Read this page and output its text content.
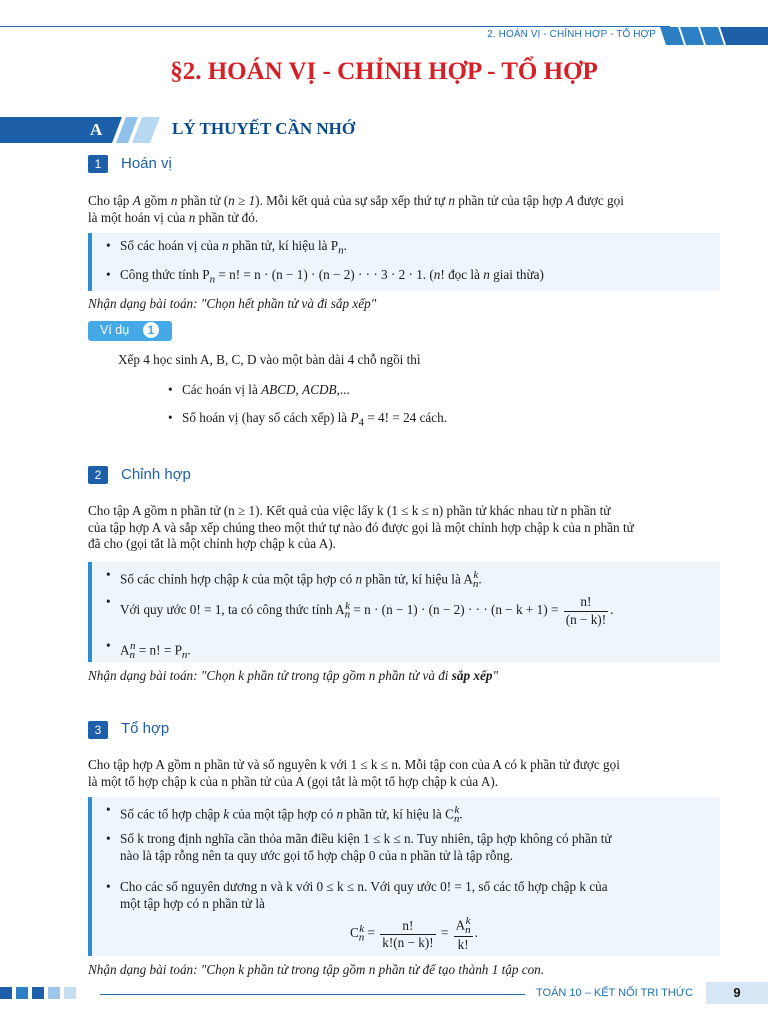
2. HOÁN VỊ - CHỈNH HỢP - TỔ HỢP
§2. HOÁN VỊ - CHỈNH HỢP - TỔ HỢP
A	LÝ THUYẾT CẦN NHỚ
1	Hoán vị
Cho tập A gồm n phần tử (n ≥ 1). Mỗi kết quả của sự sắp xếp thứ tự n phần tử của tập hợp A được gọi
là một hoán vị của n phần tử đó.
• Số các hoán vị của n phần tử, kí hiệu là $P_n$.
• Công thức tính $P_n = n$! = n · (n − 1) · (n − 2) · · · 3 · 2 · 1. (n! đọc là n giai thừa)
Nhận dạng bài toán: "Chọn hết phần tử và đi sắp xếp"
Ví dụ	1
Xếp 4 học sinh A, B, C, D vào một bàn dài 4 chỗ ngồi thì
• Các hoán vị là ABCD, ACDB,...
• Số hoán vị (hay số cách xếp) là $P_4 = 4$! = 24 cách.
2	Chỉnh hợp
Cho tập A gồm n phần tử (n ≥ 1). Kết quả của việc lấy k (1 ≤ k ≤ n) phần tử khác nhau từ n phần tử
của tập hợp A và sắp xếp chúng theo một thứ tự nào đó được gọi là một chỉnh hợp chập k của n phần tử
đã cho (gọi tắt là một chỉnh hợp chập k của A).
• Số các chỉnh hợp chập k của một tập hợp có n phần tử, kí hiệu là $A_n^k$.
• Với quy ước 0! = 1, ta có công thức tính $A_n^k = n \cdot (n - 1) \cdot (n - 2)$ · · · $(n - k + 1) = \frac{n!}{(n - k)!}$ .
• $A_n^n = n$! = $P_n$.
Nhận dạng bài toán: "Chọn k phần tử trong tập gồm n phần tử và đi sắp xếp"
3	Tổ hợp
Cho tập hợp A gồm n phần tử và số nguyên k với 1 ≤ k ≤ n. Mỗi tập con của A có k phần tử được gọi
là một tổ hợp chập k của n phần tử của A (gọi tắt là một tổ hợp chập k của A).
• Số các tổ hợp chập k của một tập hợp có n phần tử, kí hiệu là $C_n^k$.
• Số k trong định nghĩa cần thỏa mãn điều kiện 1 ≤ k ≤ n. Tuy nhiên, tập hợp không có phần tử
nào là tập rỗng nên ta quy ước gọi tổ hợp chập 0 của n phần tử là tập rỗng.
• Cho các số nguyên dương n và k với 0 ≤ k ≤ n. Với quy ước 0! = 1, số các tổ hợp chập k của
một tập hợp có n phần tử là
$C_n^k = \frac{n!}{k!(n - k)!} = \frac{A_n^k}{k!}$ .
Nhận dạng bài toán: "Chọn k phần tử trong tập gồm n phần tử để tạo thành 1 tập con.
TOÁN 10 – KẾT NỐI TRI THỨC	9
